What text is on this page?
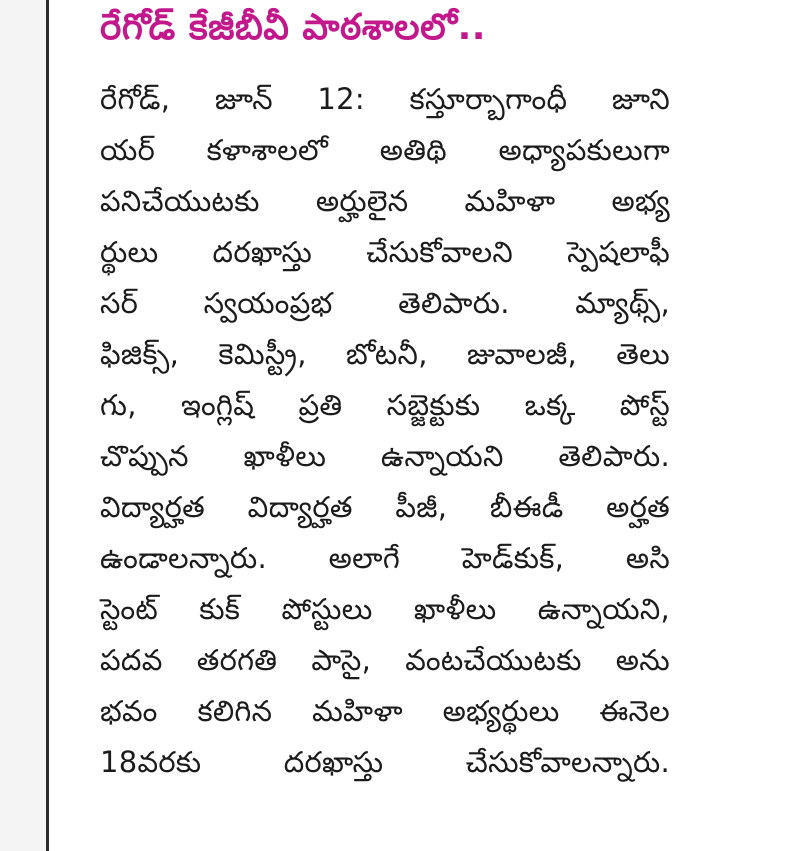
రేగోడ్‌ కేజీబీవీ పాఠశాలలో..
రేగోడ్‌, జూన్‌ 12: కస్తూర్బాగాంధీ జూని
యర్‌ కళాశాలలో అతిథి అధ్యాపకులుగా
పనిచేయుటకు అర్హులైన మహిళా అభ్య
ర్థులు దరఖాస్తు చేసుకోవాలని స్పెషలాఫీ
సర్‌ స్వయంప్రభ తెలిపారు. మ్యాథ్స్‌,
ఫిజిక్స్‌, కెమిస్ట్రీ, బోటనీ, జువాలజీ, తెలు
గు, ఇంగ్లిష్‌ ప్రతి సబ్జెక్టుకు ఒక్క పోస్ట్‌
చొప్పున ఖాళీలు ఉన్నాయని తెలిపారు.
విద్యార్హత విద్యార్హత పీజీ, బీఈడీ అర్హత
ఉండాలన్నారు. అలాగే హెడ్‌కుక్‌, అసి
స్టెంట్‌ కుక్‌ పోస్టులు ఖాళీలు ఉన్నాయని,
పదవ తరగతి పాసై, వంటచేయుటకు అను
భవం కలిగిన మహిళా అభ్యర్థులు ఈనెల
18వరకు దరఖాస్తు చేసుకోవాలన్నారు.
